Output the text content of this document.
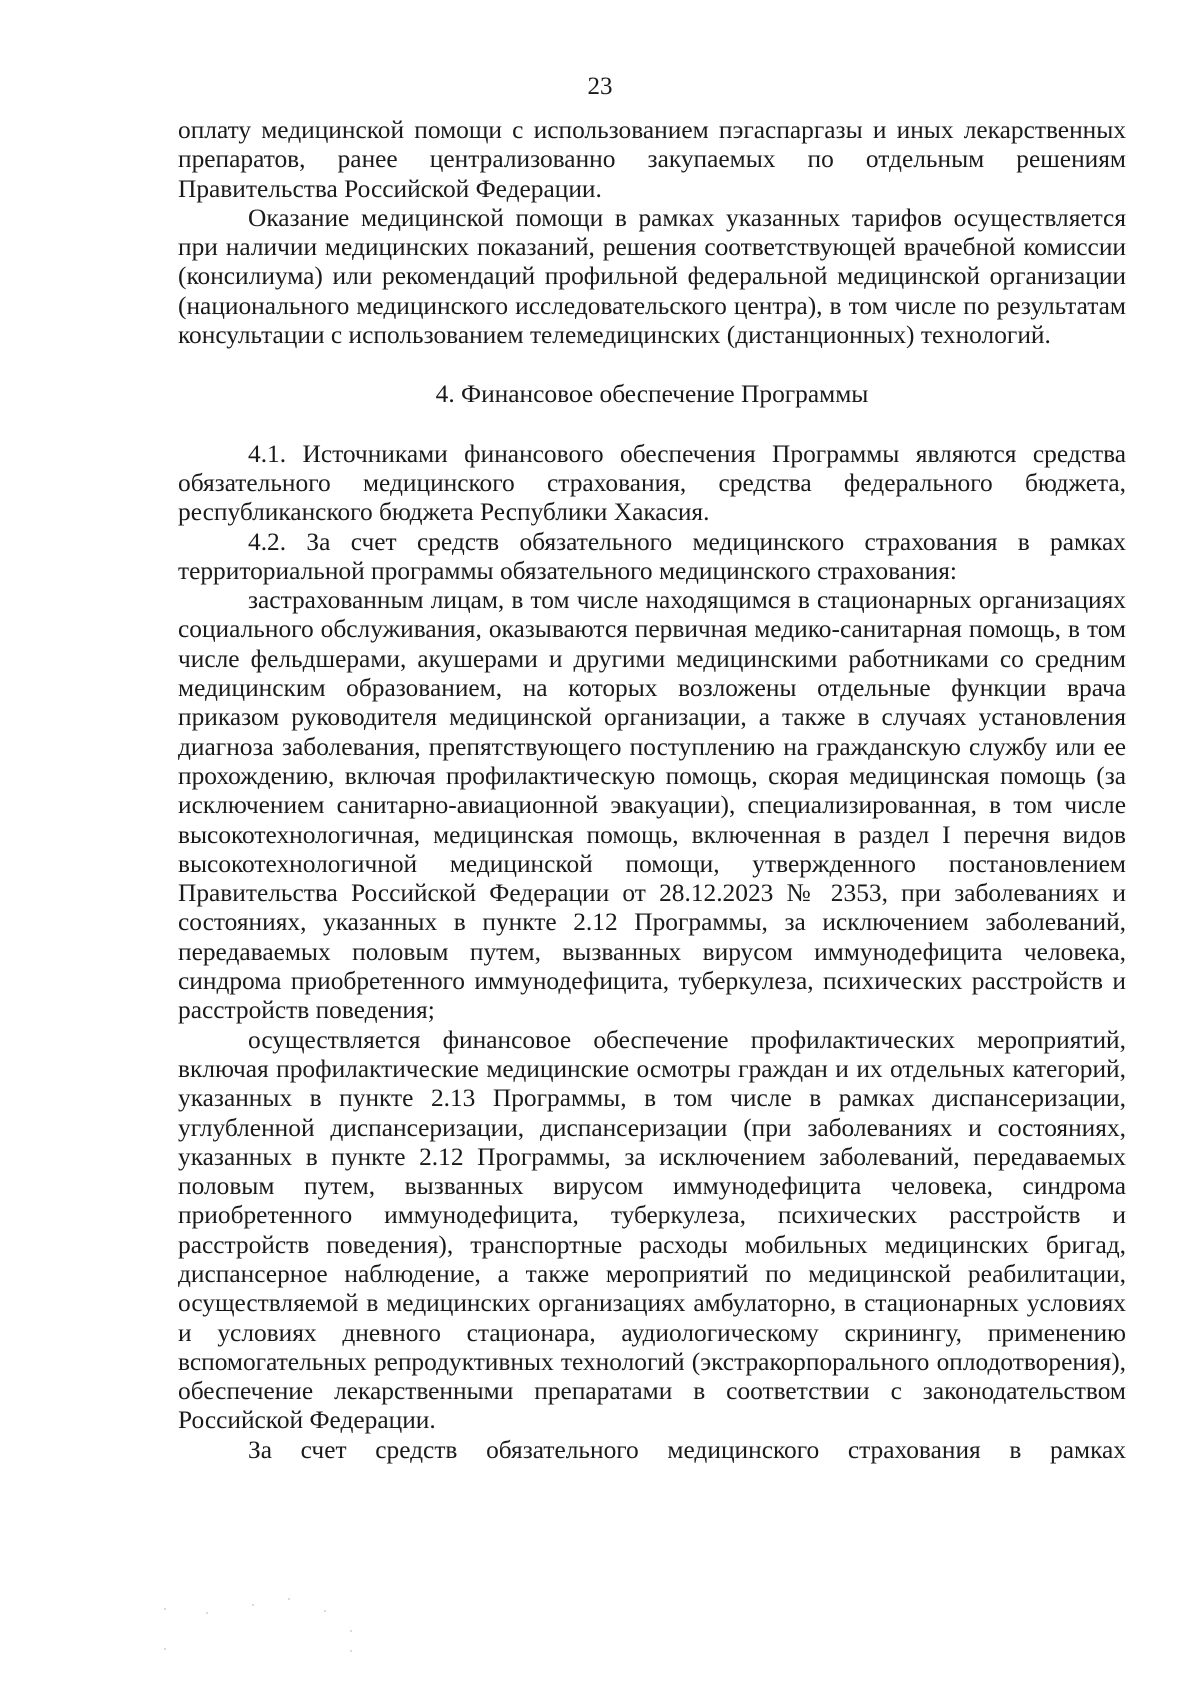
23

оплату медицинской помощи с использованием пэгаспаргазы и иных лекарственных препаратов, ранее централизованно закупаемых по отдельным решениям Правительства Российской Федерации.

Оказание медицинской помощи в рамках указанных тарифов осуществляется при наличии медицинских показаний, решения соответствующей врачебной комиссии (консилиума) или рекомендаций профильной федеральной медицинской организации (национального медицинского исследовательского центра), в том числе по результатам консультации с использованием телемедицинских (дистанционных) технологий.

4. Финансовое обеспечение Программы

4.1. Источниками финансового обеспечения Программы являются средства обязательного медицинского страхования, средства федерального бюджета, республиканского бюджета Республики Хакасия.

4.2. За счет средств обязательного медицинского страхования в рамках территориальной программы обязательного медицинского страхования:

застрахованным лицам, в том числе находящимся в стационарных организациях социального обслуживания, оказываются первичная медико-санитарная помощь, в том числе фельдшерами, акушерами и другими медицинскими работниками со средним медицинским образованием, на которых возложены отдельные функции врача приказом руководителя медицинской организации, а также в случаях установления диагноза заболевания, препятствующего поступлению на гражданскую службу или ее прохождению, включая профилактическую помощь, скорая медицинская помощь (за исключением санитарно-авиационной эвакуации), специализированная, в том числе высокотехнологичная, медицинская помощь, включенная в раздел I перечня видов высокотехнологичной медицинской помощи, утвержденного постановлением Правительства Российской Федерации от 28.12.2023 № 2353, при заболеваниях и состояниях, указанных в пункте 2.12 Программы, за исключением заболеваний, передаваемых половым путем, вызванных вирусом иммунодефицита человека, синдрома приобретенного иммунодефицита, туберкулеза, психических расстройств и расстройств поведения;

осуществляется финансовое обеспечение профилактических мероприятий, включая профилактические медицинские осмотры граждан и их отдельных категорий, указанных в пункте 2.13 Программы, в том числе в рамках диспансеризации, углубленной диспансеризации, диспансеризации (при заболеваниях и состояниях, указанных в пункте 2.12 Программы, за исключением заболеваний, передаваемых половым путем, вызванных вирусом иммунодефицита человека, синдрома приобретенного иммунодефицита, туберкулеза, психических расстройств и расстройств поведения), транспортные расходы мобильных медицинских бригад, диспансерное наблюдение, а также мероприятий по медицинской реабилитации, осуществляемой в медицинских организациях амбулаторно, в стационарных условиях и условиях дневного стационара, аудиологическому скринингу, применению вспомогательных репродуктивных технологий (экстракорпорального оплодотворения), обеспечение лекарственными препаратами в соответствии с законодательством Российской Федерации.

За счет средств обязательного медицинского страхования в рамках
